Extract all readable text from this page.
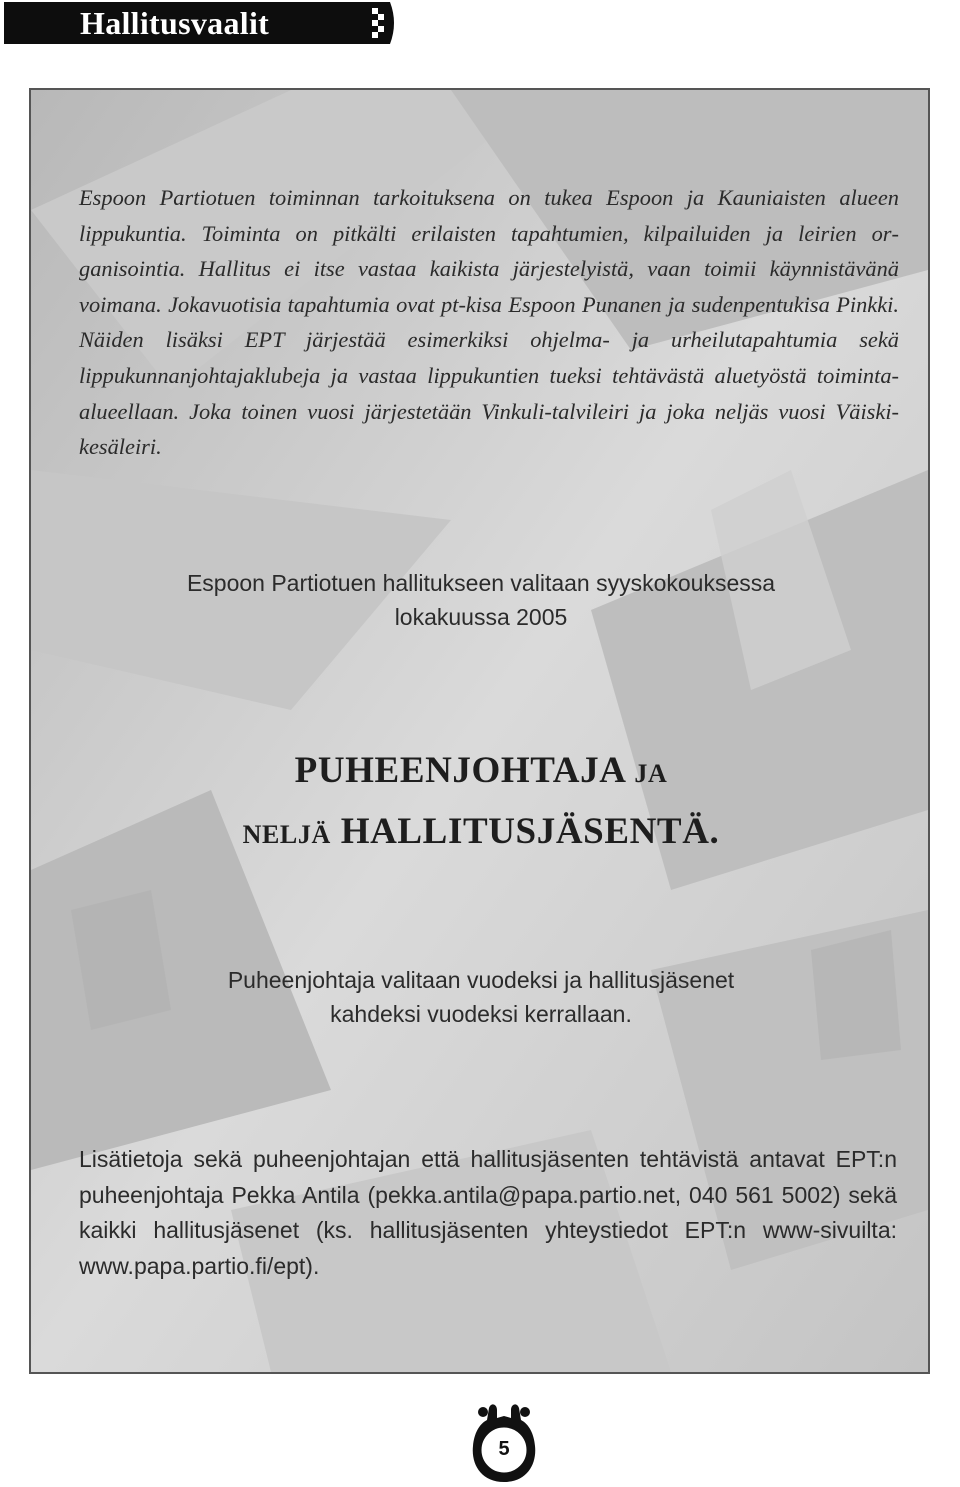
Hallitusvaalit
Espoon Partiotuen toiminnan tarkoituksena on tukea Espoon ja Kauniaisten alueen lippukuntia. Toiminta on pitkälti erilaisten tapahtumien, kilpailuiden ja leirien organisointia. Hallitus ei itse vastaa kaikista järjestelyistä, vaan toimii käynnistävänä voimana. Jokavuotisia tapahtumia ovat pt-kisa Espoon Punanen ja sudenpentukisa Pinkki. Näiden lisäksi EPT järjestää esimerkiksi ohjelma- ja urheilutapahtumia sekä lippukunnanjohtajaklubeja ja vastaa lippukuntien tueksi tehtävästä aluetyöstä toiminta-alueellaan. Joka toinen vuosi järjestetään Vinkuli-talvileiri ja joka neljäs vuosi Väiski-kesäleiri.
Espoon Partiotuen hallitukseen valitaan syyskokouksessa
lokakuussa 2005
PUHEENJOHTAJA JA
NELJÄ HALLITUSJÄSENTÄ.
Puheenjohtaja valitaan vuodeksi ja hallitusjäsenet
kahdeksi vuodeksi kerrallaan.
Lisätietoja sekä puheenjohtajan että hallitusjäsenten tehtävistä antavat EPT:n puheenjohtaja Pekka Antila (pekka.antila@papa.partio.net, 040 561 5002) sekä kaikki hallitusjäsenet (ks. hallitusjäsenten yhteystiedot EPT:n www-sivuilta: www.papa.partio.fi/ept).
5
